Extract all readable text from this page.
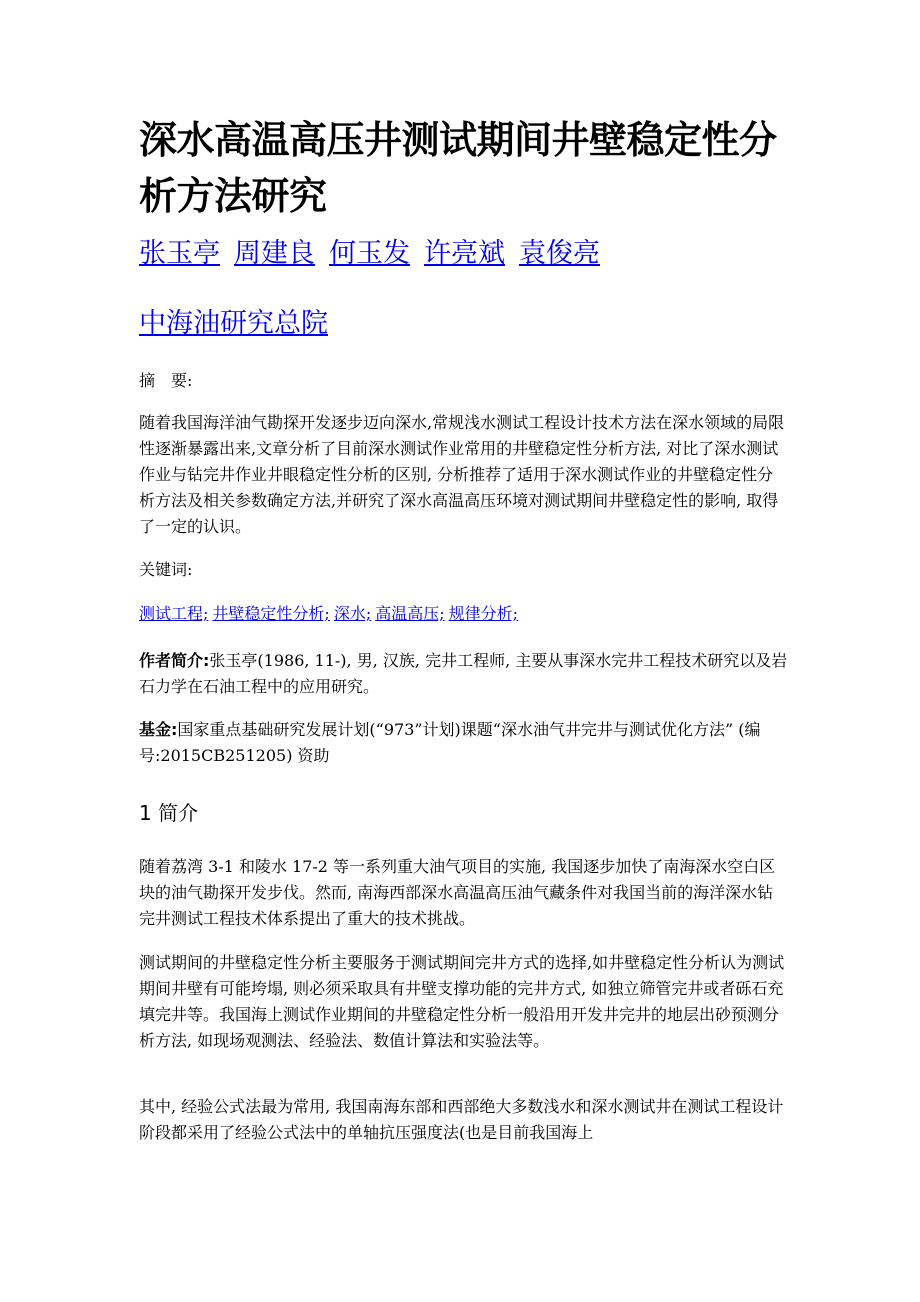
深水高温高压井测试期间井壁稳定性分析方法研究
张玉亭 周建良 何玉发 许亮斌 袁俊亮
中海油研究总院

摘　要:

随着我国海洋油气勘探开发逐步迈向深水,常规浅水测试工程设计技术方法在深水领域的局限性逐渐暴露出来,文章分析了目前深水测试作业常用的井壁稳定性分析方法, 对比了深水测试作业与钻完井作业井眼稳定性分析的区别, 分析推荐了适用于深水测试作业的井壁稳定性分析方法及相关参数确定方法,并研究了深水高温高压环境对测试期间井壁稳定性的影响, 取得了一定的认识。

关键词:

测试工程; 井壁稳定性分析; 深水; 高温高压; 规律分析;

作者简介:张玉亭(1986, 11-), 男, 汉族, 完井工程师, 主要从事深水完井工程技术研究以及岩石力学在石油工程中的应用研究。

基金:国家重点基础研究发展计划(“973”计划)课题“深水油气井完井与测试优化方法” (编号:2015CB251205) 资助

1 简介

随着荔湾 3-1 和陵水 17-2 等一系列重大油气项目的实施, 我国逐步加快了南海深水空白区块的油气勘探开发步伐。然而, 南海西部深水高温高压油气藏条件对我国当前的海洋深水钻完井测试工程技术体系提出了重大的技术挑战。

测试期间的井壁稳定性分析主要服务于测试期间完井方式的选择,如井壁稳定性分析认为测试期间井壁有可能垮塌, 则必须采取具有井壁支撑功能的完井方式, 如独立筛管完井或者砾石充填完井等。我国海上测试作业期间的井壁稳定性分析一般沿用开发井完井的地层出砂预测分析方法, 如现场观测法、经验法、数值计算法和实验法等。

其中, 经验公式法最为常用, 我国南海东部和西部绝大多数浅水和深水测试井在测试工程设计阶段都采用了经验公式法中的单轴抗压强度法(也是目前我国海上
